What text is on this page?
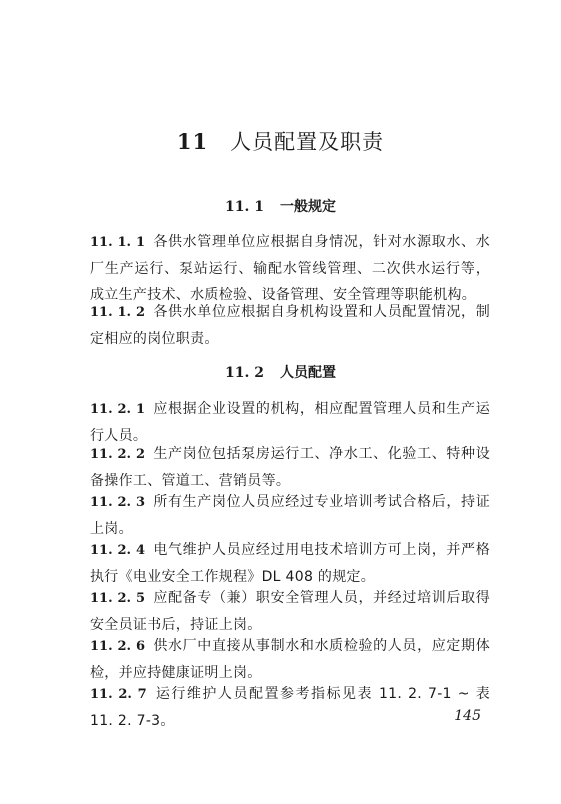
11 人员配置及职责
11. 1 一般规定
11. 1. 1 各供水管理单位应根据自身情况，针对水源取水、水厂生产运行、泵站运行、输配水管线管理、二次供水运行等，成立生产技术、水质检验、设备管理、安全管理等职能机构。
11. 1. 2 各供水单位应根据自身机构设置和人员配置情况，制定相应的岗位职责。
11. 2 人员配置
11. 2. 1 应根据企业设置的机构，相应配置管理人员和生产运行人员。
11. 2. 2 生产岗位包括泵房运行工、净水工、化验工、特种设备操作工、管道工、营销员等。
11. 2. 3 所有生产岗位人员应经过专业培训考试合格后，持证上岗。
11. 2. 4 电气维护人员应经过用电技术培训方可上岗，并严格执行《电业安全工作规程》DL 408 的规定。
11. 2. 5 应配备专（兼）职安全管理人员，并经过培训后取得安全员证书后，持证上岗。
11. 2. 6 供水厂中直接从事制水和水质检验的人员，应定期体检，并应持健康证明上岗。
11. 2. 7 运行维护人员配置参考指标见表 11. 2. 7-1 ~ 表 11. 2. 7-3。	145
